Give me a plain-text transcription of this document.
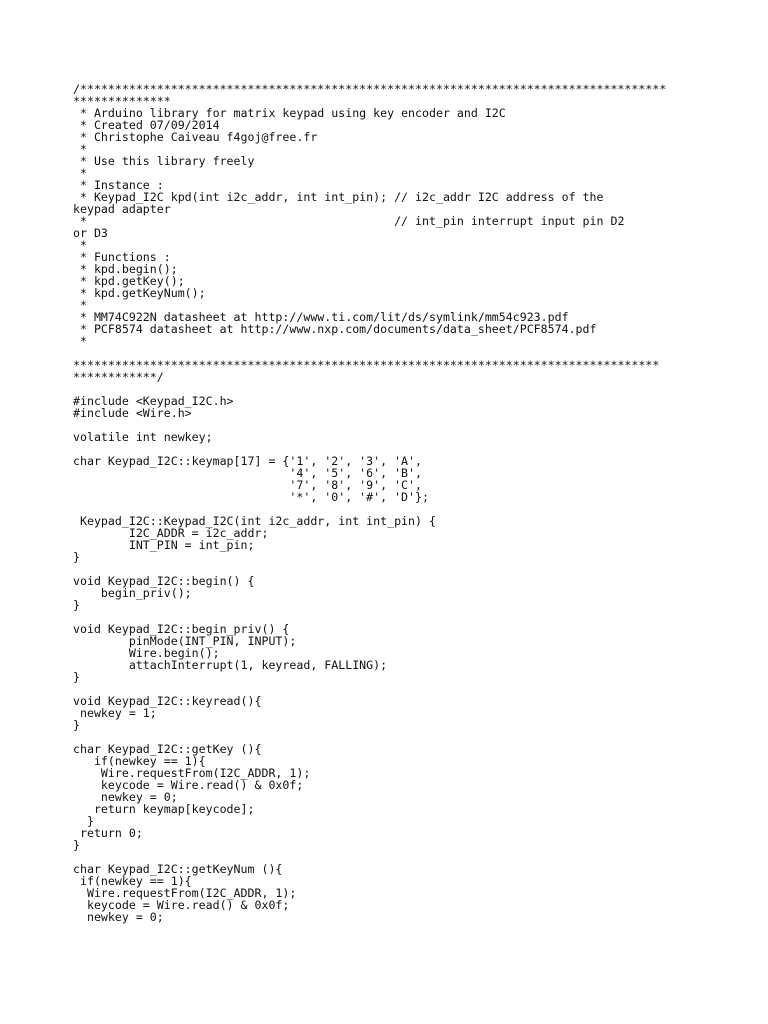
/************************************************************************************
**************
* Arduino library for matrix keypad using key encoder and I2C
* Created 07/09/2014
* Christophe Caiveau f4goj@free.fr
*
* Use this library freely
*
* Instance :
* Keypad_I2C kpd(int i2c_addr, int int_pin); // i2c_addr I2C address of the
keypad adapter
*                                            // int_pin interrupt input pin D2
or D3
*
* Functions :
* kpd.begin();
* kpd.getKey();
* kpd.getKeyNum();
*
* MM74C922N datasheet at http://www.ti.com/lit/ds/symlink/mm54c923.pdf
* PCF8574 datasheet at http://www.nxp.com/documents/data_sheet/PCF8574.pdf
*
************************************************************************************
************/
#include <Keypad_I2C.h>
#include <Wire.h>
volatile int newkey;
char Keypad_I2C::keymap[17] = {'1', '2', '3', 'A',
'4', '5', '6', 'B',
'7', '8', '9', 'C',
'*', '0', '#', 'D'};
Keypad_I2C::Keypad_I2C(int i2c_addr, int int_pin) {
I2C_ADDR = i2c_addr;
INT_PIN = int_pin;
}
void Keypad_I2C::begin() {
begin_priv();
}
void Keypad_I2C::begin_priv() {
pinMode(INT_PIN, INPUT);
Wire.begin();
attachInterrupt(1, keyread, FALLING);
}
void Keypad_I2C::keyread(){
newkey = 1;
}
char Keypad_I2C::getKey (){
if(newkey == 1){
Wire.requestFrom(I2C_ADDR, 1);
keycode = Wire.read() & 0x0f;
newkey = 0;
return keymap[keycode];
}
return 0;
}
char Keypad_I2C::getKeyNum (){
if(newkey == 1){
Wire.requestFrom(I2C_ADDR, 1);
keycode = Wire.read() & 0x0f;
newkey = 0;
